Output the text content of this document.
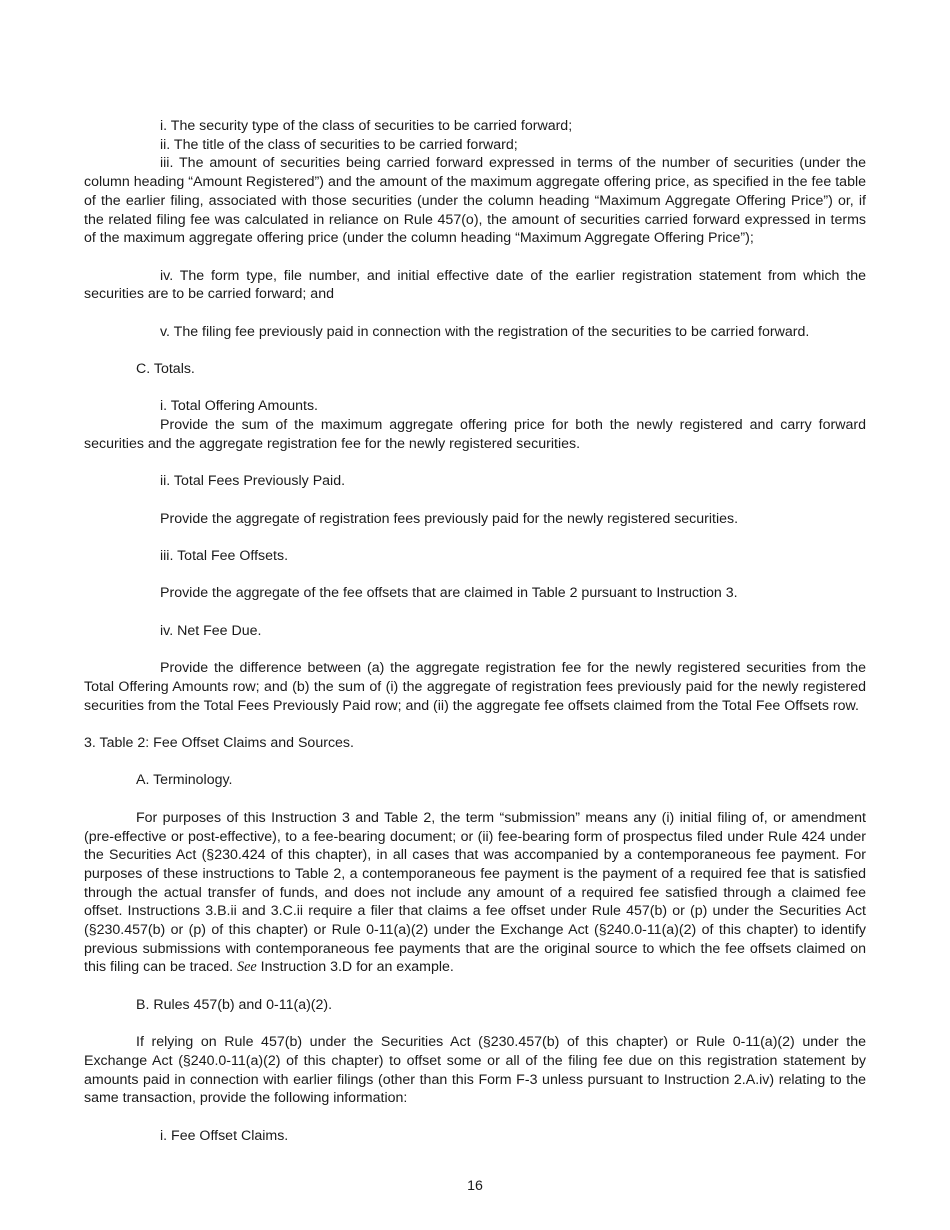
i. The security type of the class of securities to be carried forward;

ii. The title of the class of securities to be carried forward;

iii. The amount of securities being carried forward expressed in terms of the number of securities (under the column heading “Amount Registered”) and the amount of the maximum aggregate offering price, as specified in the fee table of the earlier filing, associated with those securities (under the column heading “Maximum Aggregate Offering Price”) or, if the related filing fee was calculated in reliance on Rule 457(o), the amount of securities carried forward expressed in terms of the maximum aggregate offering price (under the column heading “Maximum Aggregate Offering Price”);

iv. The form type, file number, and initial effective date of the earlier registration statement from which the securities are to be carried forward; and

v. The filing fee previously paid in connection with the registration of the securities to be carried forward.

C. Totals.

i. Total Offering Amounts.

Provide the sum of the maximum aggregate offering price for both the newly registered and carry forward securities and the aggregate registration fee for the newly registered securities.

ii. Total Fees Previously Paid.

Provide the aggregate of registration fees previously paid for the newly registered securities.

iii. Total Fee Offsets.

Provide the aggregate of the fee offsets that are claimed in Table 2 pursuant to Instruction 3.

iv. Net Fee Due.

Provide the difference between (a) the aggregate registration fee for the newly registered securities from the Total Offering Amounts row; and (b) the sum of (i) the aggregate of registration fees previously paid for the newly registered securities from the Total Fees Previously Paid row; and (ii) the aggregate fee offsets claimed from the Total Fee Offsets row.

3. Table 2: Fee Offset Claims and Sources.

A. Terminology.

For purposes of this Instruction 3 and Table 2, the term “submission” means any (i) initial filing of, or amendment (pre-effective or post-effective), to a fee-bearing document; or (ii) fee-bearing form of prospectus filed under Rule 424 under the Securities Act (§230.424 of this chapter), in all cases that was accompanied by a contemporaneous fee payment. For purposes of these instructions to Table 2, a contemporaneous fee payment is the payment of a required fee that is satisfied through the actual transfer of funds, and does not include any amount of a required fee satisfied through a claimed fee offset. Instructions 3.B.ii and 3.C.ii require a filer that claims a fee offset under Rule 457(b) or (p) under the Securities Act (§230.457(b) or (p) of this chapter) or Rule 0-11(a)(2) under the Exchange Act (§240.0-11(a)(2) of this chapter) to identify previous submissions with contemporaneous fee payments that are the original source to which the fee offsets claimed on this filing can be traced. See Instruction 3.D for an example.

B. Rules 457(b) and 0-11(a)(2).

If relying on Rule 457(b) under the Securities Act (§230.457(b) of this chapter) or Rule 0-11(a)(2) under the Exchange Act (§240.0-11(a)(2) of this chapter) to offset some or all of the filing fee due on this registration statement by amounts paid in connection with earlier filings (other than this Form F-3 unless pursuant to Instruction 2.A.iv) relating to the same transaction, provide the following information:

i. Fee Offset Claims.

16
